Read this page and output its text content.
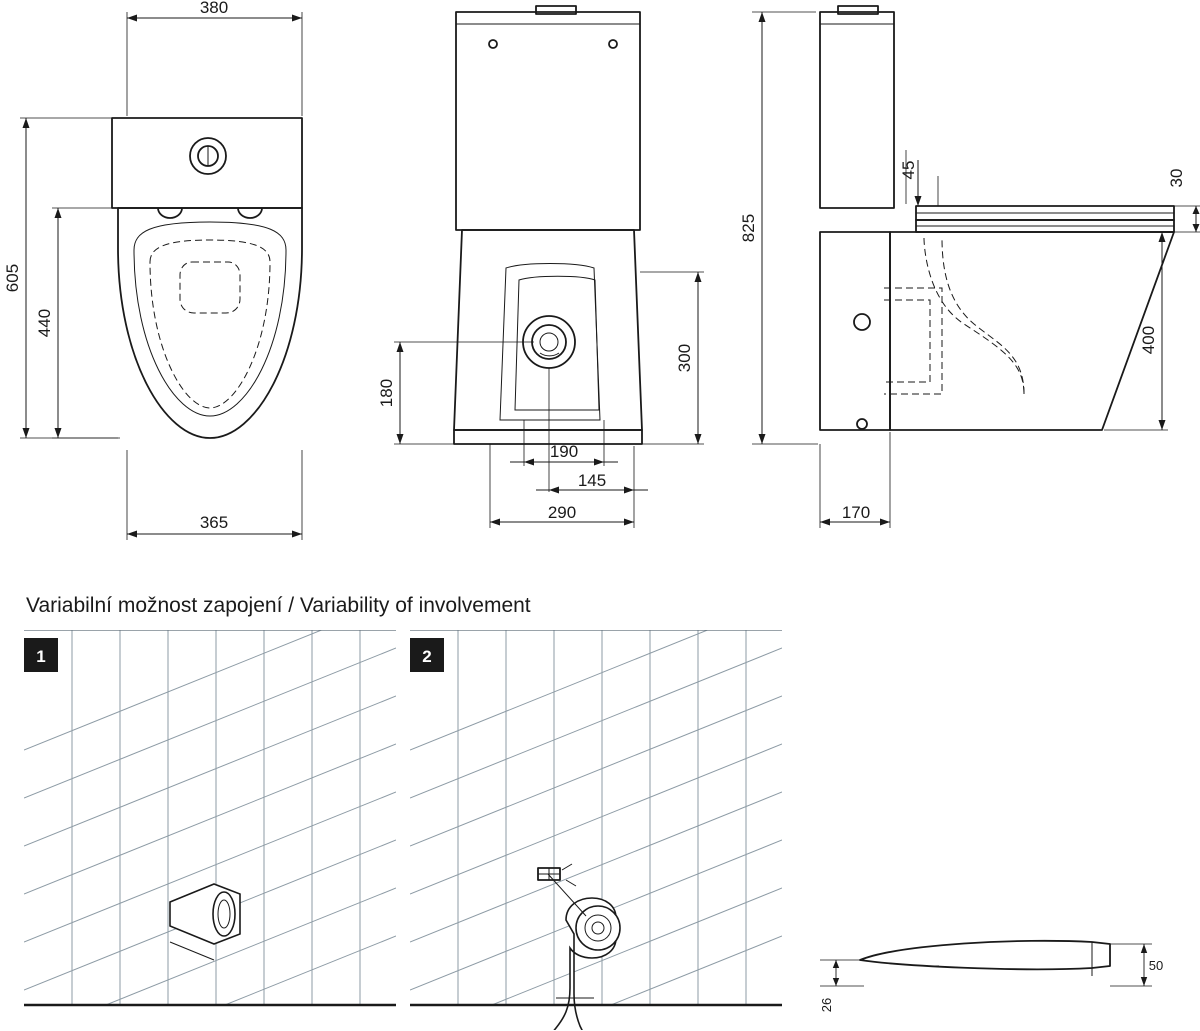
380
605
440
365
180
300
190
145
290
45
825
30
400
170
Variabilní možnost zapojení / Variability of involvement
1	2
50
26
